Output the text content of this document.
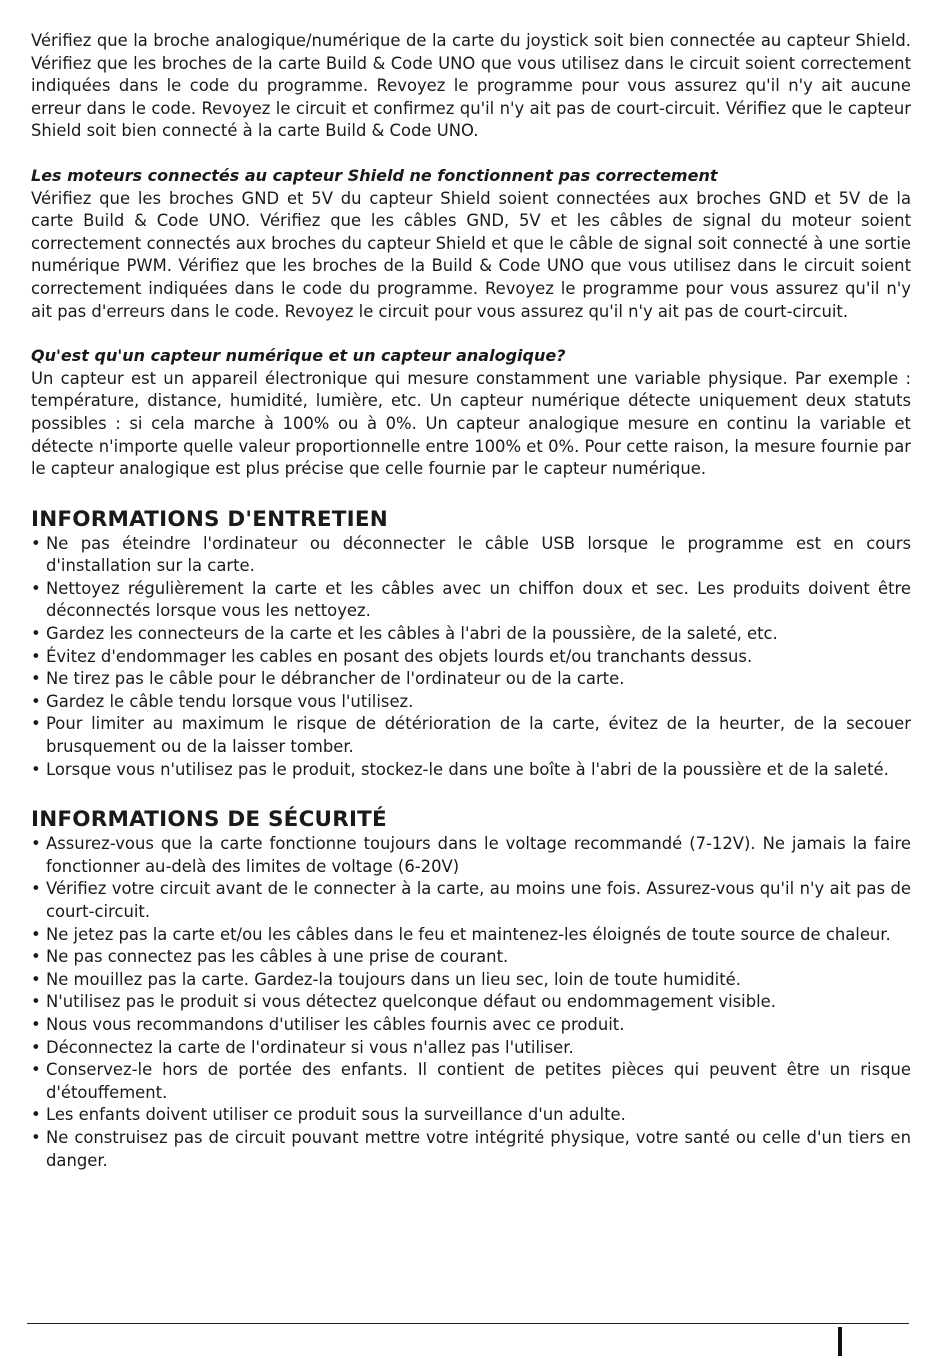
Vérifiez que la broche analogique/numérique de la carte du joystick soit bien connectée au capteur Shield. Vérifiez que les broches de la carte Build & Code UNO que vous utilisez dans le circuit soient correctement indiquées dans le code du programme. Revoyez le programme pour vous assurez qu'il n'y ait aucune erreur dans le code. Revoyez le circuit et confirmez qu'il n'y ait pas de court-circuit. Vérifiez que le capteur Shield soit bien connecté à la carte Build & Code UNO.

Les moteurs connectés au capteur Shield ne fonctionnent pas correctement

Vérifiez que les broches GND et 5V du capteur Shield soient connectées aux broches GND et 5V de la carte Build & Code UNO. Vérifiez que les câbles GND, 5V et les câbles de signal du moteur soient correctement connectés aux broches du capteur Shield et que le câble de signal soit connecté à une sortie numérique PWM. Vérifiez que les broches de la Build & Code UNO que vous utilisez dans le circuit soient correctement indiquées dans le code du programme. Revoyez le programme pour vous assurez qu'il n'y ait pas d'erreurs dans le code. Revoyez le circuit pour vous assurez qu'il n'y ait pas de court-circuit.

Qu'est qu'un capteur numérique et un capteur analogique?

Un capteur est un appareil électronique qui mesure constamment une variable physique. Par exemple : température, distance, humidité, lumière, etc. Un capteur numérique détecte uniquement deux statuts possibles : si cela marche à 100% ou à 0%. Un capteur analogique mesure en continu la variable et détecte n'importe quelle valeur proportionnelle entre 100% et 0%. Pour cette raison, la mesure fournie par le capteur analogique est plus précise que celle fournie par le capteur numérique.

INFORMATIONS D'ENTRETIEN
• Ne pas éteindre l'ordinateur ou déconnecter le câble USB lorsque le programme est en cours d'installation sur la carte.
• Nettoyez régulièrement la carte et les câbles avec un chiffon doux et sec. Les produits doivent être déconnectés lorsque vous les nettoyez.
• Gardez les connecteurs de la carte et les câbles à l'abri de la poussière, de la saleté, etc.
• Évitez d'endommager les cables en posant des objets lourds et/ou tranchants dessus.
• Ne tirez pas le câble pour le débrancher de l'ordinateur ou de la carte.
• Gardez le câble tendu lorsque vous l'utilisez.
• Pour limiter au maximum le risque de détérioration de la carte, évitez de la heurter, de la secouer brusquement ou de la laisser tomber.
• Lorsque vous n'utilisez pas le produit, stockez-le dans une boîte à l'abri de la poussière et de la saleté.
INFORMATIONS DE SÉCURITÉ
• Assurez-vous que la carte fonctionne toujours dans le voltage recommandé (7-12V). Ne jamais la faire fonctionner au-delà des limites de voltage (6-20V)
• Vérifiez votre circuit avant de le connecter à la carte, au moins une fois. Assurez-vous qu'il n'y ait pas de court-circuit.
• Ne jetez pas la carte et/ou les câbles dans le feu et maintenez-les éloignés de toute source de chaleur.
• Ne pas connectez pas les câbles à une prise de courant.
• Ne mouillez pas la carte. Gardez-la toujours dans un lieu sec, loin de toute humidité.
• N'utilisez pas le produit si vous détectez quelconque défaut ou endommagement visible.
• Nous vous recommandons d'utiliser les câbles fournis avec ce produit.
• Déconnectez la carte de l'ordinateur si vous n'allez pas l'utiliser.
• Conservez-le hors de portée des enfants. Il contient de petites pièces qui peuvent être un risque d'étouffement.
• Les enfants doivent utiliser ce produit sous la surveillance d'un adulte.
• Ne construisez pas de circuit pouvant mettre votre intégrité physique, votre santé ou celle d'un tiers en danger.
